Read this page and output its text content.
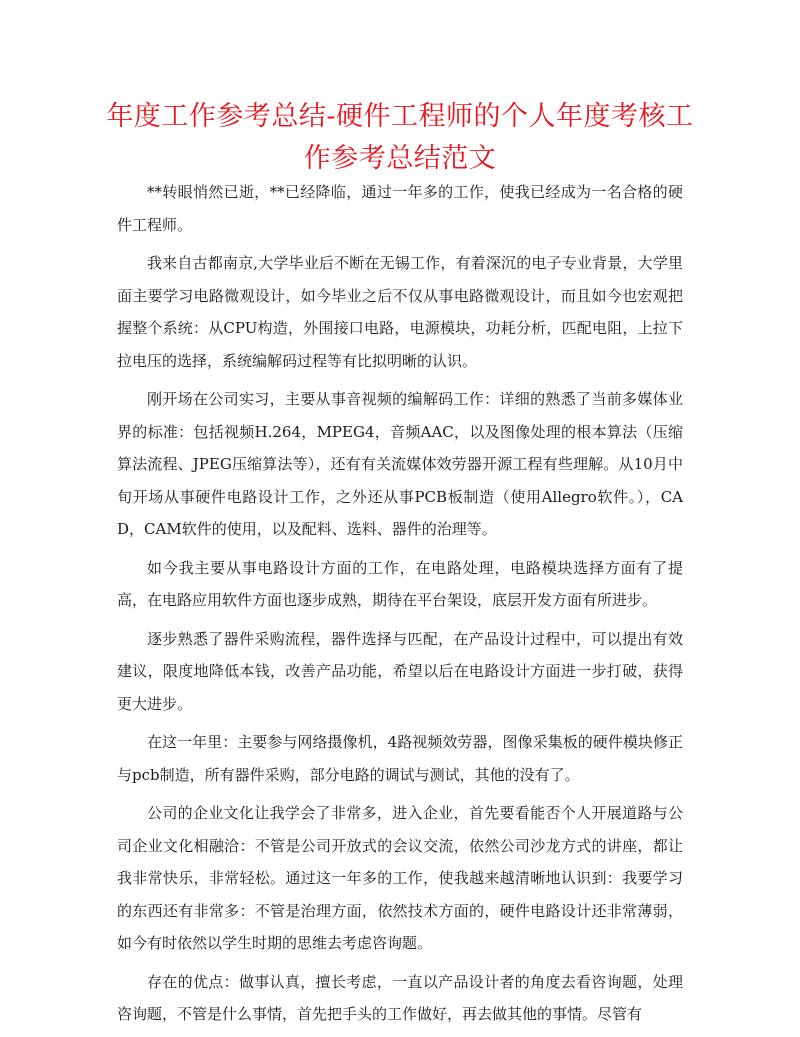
年度工作参考总结-硬件工程师的个人年度考核工作参考总结范文

**转眼悄然已逝，**已经降临，通过一年多的工作，使我已经成为一名合格的硬件工程师。

我来自古都南京,大学毕业后不断在无锡工作，有着深沉的电子专业背景，大学里面主要学习电路微观设计，如今毕业之后不仅从事电路微观设计，而且如今也宏观把握整个系统：从CPU构造，外围接口电路，电源模块，功耗分析，匹配电阻，上拉下拉电压的选择，系统编解码过程等有比拟明晰的认识。

刚开场在公司实习，主要从事音视频的编解码工作：详细的熟悉了当前多媒体业界的标准：包括视频H.264，MPEG4，音频AAC，以及图像处理的根本算法（压缩算法流程、JPEG压缩算法等），还有有关流媒体效劳器开源工程有些理解。从10月中旬开场从事硬件电路设计工作，之外还从事PCB板制造（使用Allegro软件。），CAD，CAM软件的使用，以及配料、选料、器件的治理等。

如今我主要从事电路设计方面的工作，在电路处理，电路模块选择方面有了提高，在电路应用软件方面也逐步成熟，期待在平台架设，底层开发方面有所进步。

逐步熟悉了器件采购流程，器件选择与匹配，在产品设计过程中，可以提出有效建议，限度地降低本钱，改善产品功能，希望以后在电路设计方面进一步打破，获得更大进步。

在这一年里：主要参与网络摄像机，4路视频效劳器，图像采集板的硬件模块修正与pcb制造，所有器件采购，部分电路的调试与测试，其他的没有了。

公司的企业文化让我学会了非常多，进入企业，首先要看能否个人开展道路与公司企业文化相融洽：不管是公司开放式的会议交流，依然公司沙龙方式的讲座，都让我非常快乐，非常轻松。通过这一年多的工作，使我越来越清晰地认识到：我要学习的东西还有非常多：不管是治理方面，依然技术方面的，硬件电路设计还非常薄弱，如今有时依然以学生时期的思维去考虑咨询题。

存在的优点：做事认真，擅长考虑，一直以产品设计者的角度去看咨询题，处理咨询题，不管是什么事情，首先把手头的工作做好，再去做其他的事情。尽管有
